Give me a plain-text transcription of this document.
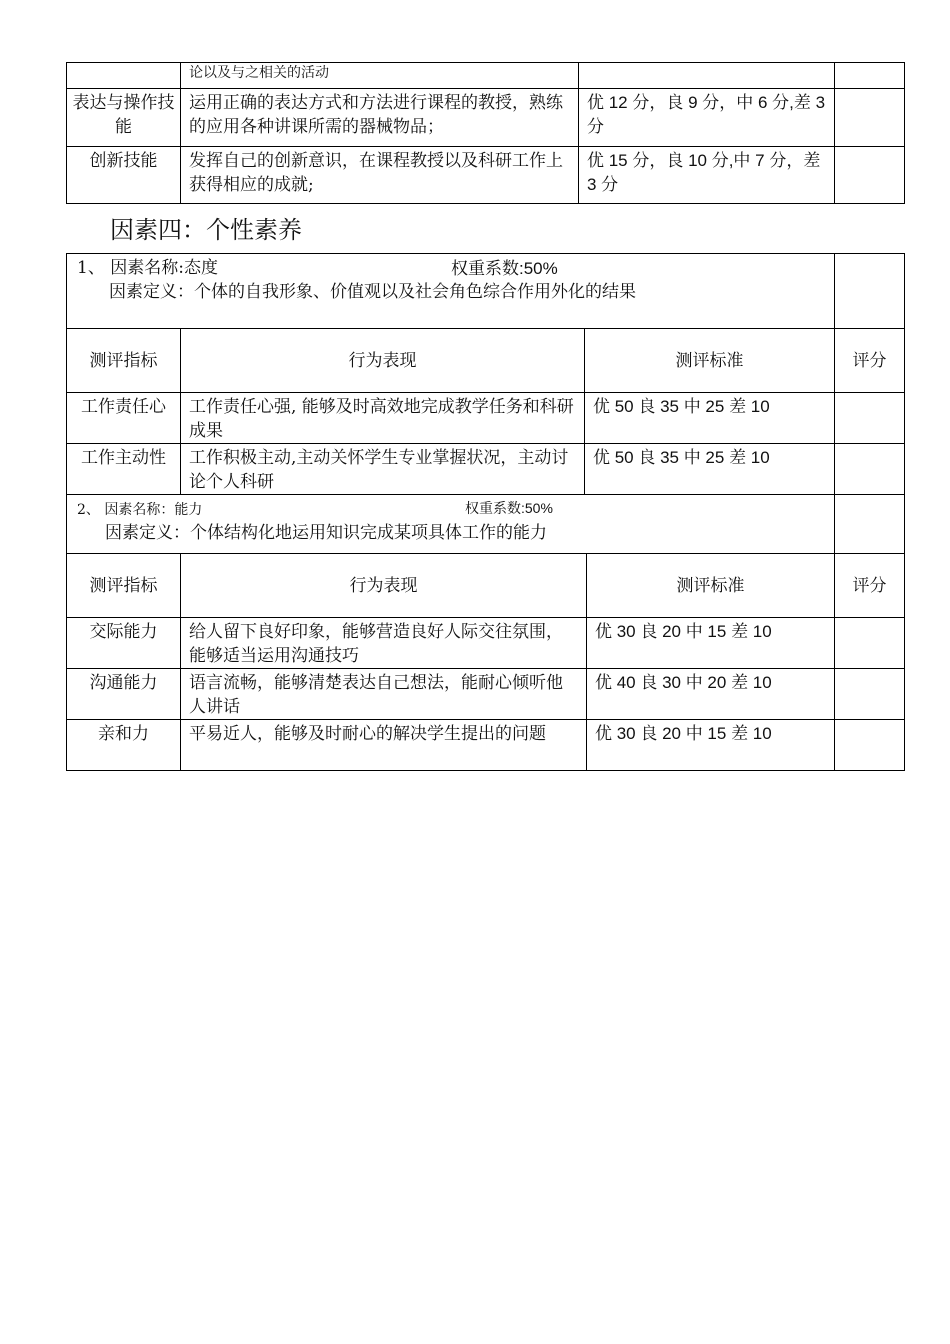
	论以及与之相关的活动		
表达与操作技能	运用正确的表达方式和方法进行课程的教授，熟练的应用各种讲课所需的器械物品；	优 12 分，良 9 分，中 6 分,差 3 分	
创新技能	发挥自己的创新意识，在课程教授以及科研工作上获得相应的成就;	优 15 分，良 10 分,中 7 分，差 3 分	
因素四：个性素养
1、 因素名称:态度 权重系数:50%
因素定义：个体的自我形象、价值观以及社会角色综合作用外化的结果			

测评指标	行为表现	测评标准	评分
工作责任心	工作责任心强, 能够及时高效地完成教学任务和科研成果	优 50 良 35 中 25 差 10	
工作主动性	工作积极主动,主动关怀学生专业掌握状况，主动讨论个人科研	优 50 良 35 中 25 差 10	
2、 因素名称：能力 权重系数:50%
因素定义：个体结构化地运用知识完成某项具体工作的能力			

测评指标	行为表现	测评标准	评分
交际能力	给人留下良好印象，能够营造良好人际交往氛围，能够适当运用沟通技巧	优 30 良 20 中 15 差 10	
沟通能力	语言流畅，能够清楚表达自己想法，能耐心倾听他人讲话	优 40 良 30 中 20 差 10	
亲和力	平易近人，能够及时耐心的解决学生提出的问题	优 30 良 20 中 15 差 10	
